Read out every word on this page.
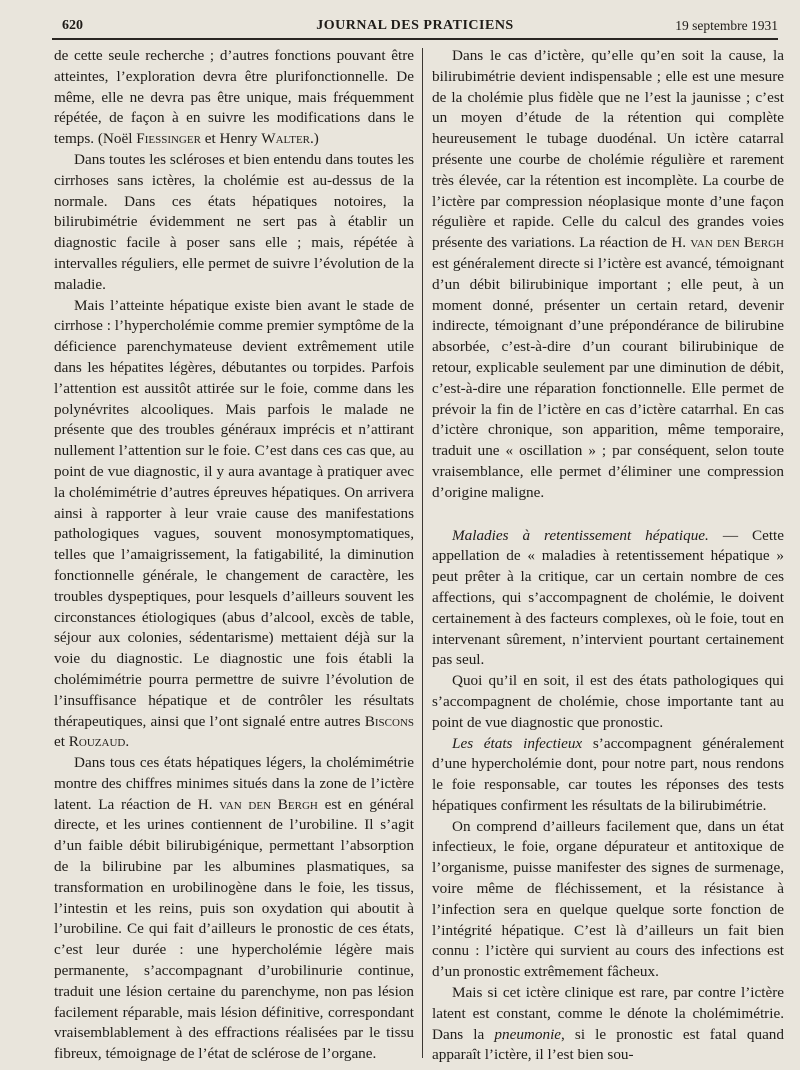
620	JOURNAL DES PRATICIENS	19 septembre 1931

de cette seule recherche ; d’autres fonctions pouvant être atteintes, l’exploration devra être plurifonctionnelle. De même, elle ne devra pas être unique, mais fréquemment répétée, de façon à en suivre les modifications dans le temps. (Noël Fiessinger et Henry Walter.)

Dans toutes les scléroses et bien entendu dans toutes les cirrhoses sans ictères, la cholémie est au-dessus de la normale. Dans ces états hépatiques notoires, la bilirubimétrie évidemment ne sert pas à établir un diagnostic facile à poser sans elle ; mais, répétée à intervalles réguliers, elle permet de suivre l’évolution de la maladie.

Mais l’atteinte hépatique existe bien avant le stade de cirrhose : l’hypercholémie comme premier symptôme de la déficience parenchymateuse devient extrêmement utile dans les hépatites légères, débutantes ou torpides. Parfois l’attention est aussitôt attirée sur le foie, comme dans les polynévrites alcooliques. Mais parfois le malade ne présente que des troubles généraux imprécis et n’attirant nullement l’attention sur le foie. C’est dans ces cas que, au point de vue diagnostic, il y aura avantage à pratiquer avec la cholémimétrie d’autres épreuves hépatiques. On arrivera ainsi à rapporter à leur vraie cause des manifestations pathologiques vagues, souvent monosymptomatiques, telles que l’amaigrissement, la fatigabilité, la diminution fonctionnelle générale, le changement de caractère, les troubles dyspeptiques, pour lesquels d’ailleurs souvent les circonstances étiologiques (abus d’alcool, excès de table, séjour aux colonies, sédentarisme) mettaient déjà sur la voie du diagnostic. Le diagnostic une fois établi la cholémimétrie pourra permettre de suivre l’évolution de l’insuffisance hépatique et de contrôler les résultats thérapeutiques, ainsi que l’ont signalé entre autres Biscons et Rouzaud.

Dans tous ces états hépatiques légers, la cholémimétrie montre des chiffres minimes situés dans la zone de l’ictère latent. La réaction de H. van den Bergh est en général directe, et les urines contiennent de l’urobiline. Il s’agit d’un faible débit bilirubigénique, permettant l’absorption de la bilirubine par les albumines plasmatiques, sa transformation en urobilinogène dans le foie, les tissus, l’intestin et les reins, puis son oxydation qui aboutit à l’urobiline. Ce qui fait d’ailleurs le pronostic de ces états, c’est leur durée : une hypercholémie légère mais permanente, s’accompagnant d’urobilinurie continue, traduit une lésion certaine du parenchyme, non pas lésion facilement réparable, mais lésion définitive, correspondant vraisemblablement à des effractions réalisées par le tissu fibreux, témoignage de l’état de sclérose de l’organe.

Dans le cas d’ictère, qu’elle qu’en soit la cause, la bilirubimétrie devient indispensable ; elle est une mesure de la cholémie plus fidèle que ne l’est la jaunisse ; c’est un moyen d’étude de la rétention qui complète heureusement le tubage duodénal. Un ictère catarral présente une courbe de cholémie régulière et rarement très élevée, car la rétention est incomplète. La courbe de l’ictère par compression néoplasique monte d’une façon régulière et rapide. Celle du calcul des grandes voies présente des variations. La réaction de H. van den Bergh est généralement directe si l’ictère est avancé, témoignant d’un débit bilirubinique important ; elle peut, à un moment donné, présenter un certain retard, devenir indirecte, témoignant d’une prépondérance de bilirubine absorbée, c’est-à-dire d’un courant bilirubinique de retour, explicable seulement par une diminution de débit, c’est-à-dire une réparation fonctionnelle. Elle permet de prévoir la fin de l’ictère en cas d’ictère catarrhal. En cas d’ictère chronique, son apparition, même temporaire, traduit une « oscillation » ; par conséquent, selon toute vraisemblance, elle permet d’éliminer une compression d’origine maligne.

Maladies à retentissement hépatique. — Cette appellation de « maladies à retentissement hépatique » peut prêter à la critique, car un certain nombre de ces affections, qui s’accompagnent de cholémie, le doivent certainement à des facteurs complexes, où le foie, tout en intervenant sûrement, n’intervient pourtant certainement pas seul.

Quoi qu’il en soit, il est des états pathologiques qui s’accompagnent de cholémie, chose importante tant au point de vue diagnostic que pronostic.

Les états infectieux s’accompagnent généralement d’une hypercholémie dont, pour notre part, nous rendons le foie responsable, car toutes les réponses des tests hépatiques confirment les résultats de la bilirubimétrie.

On comprend d’ailleurs facilement que, dans un état infectieux, le foie, organe dépurateur et antitoxique de l’organisme, puisse manifester des signes de surmenage, voire même de fléchissement, et la résistance à l’infection sera en quelque quelque sorte fonction de l’intégrité hépatique. C’est là d’ailleurs un fait bien connu : l’ictère qui survient au cours des infections est d’un pronostic extrêmement fâcheux.

Mais si cet ictère clinique est rare, par contre l’ictère latent est constant, comme le dénote la cholémimétrie. Dans la pneumonie, si le pronostic est fatal quand apparaît l’ictère, il l’est bien sou-
